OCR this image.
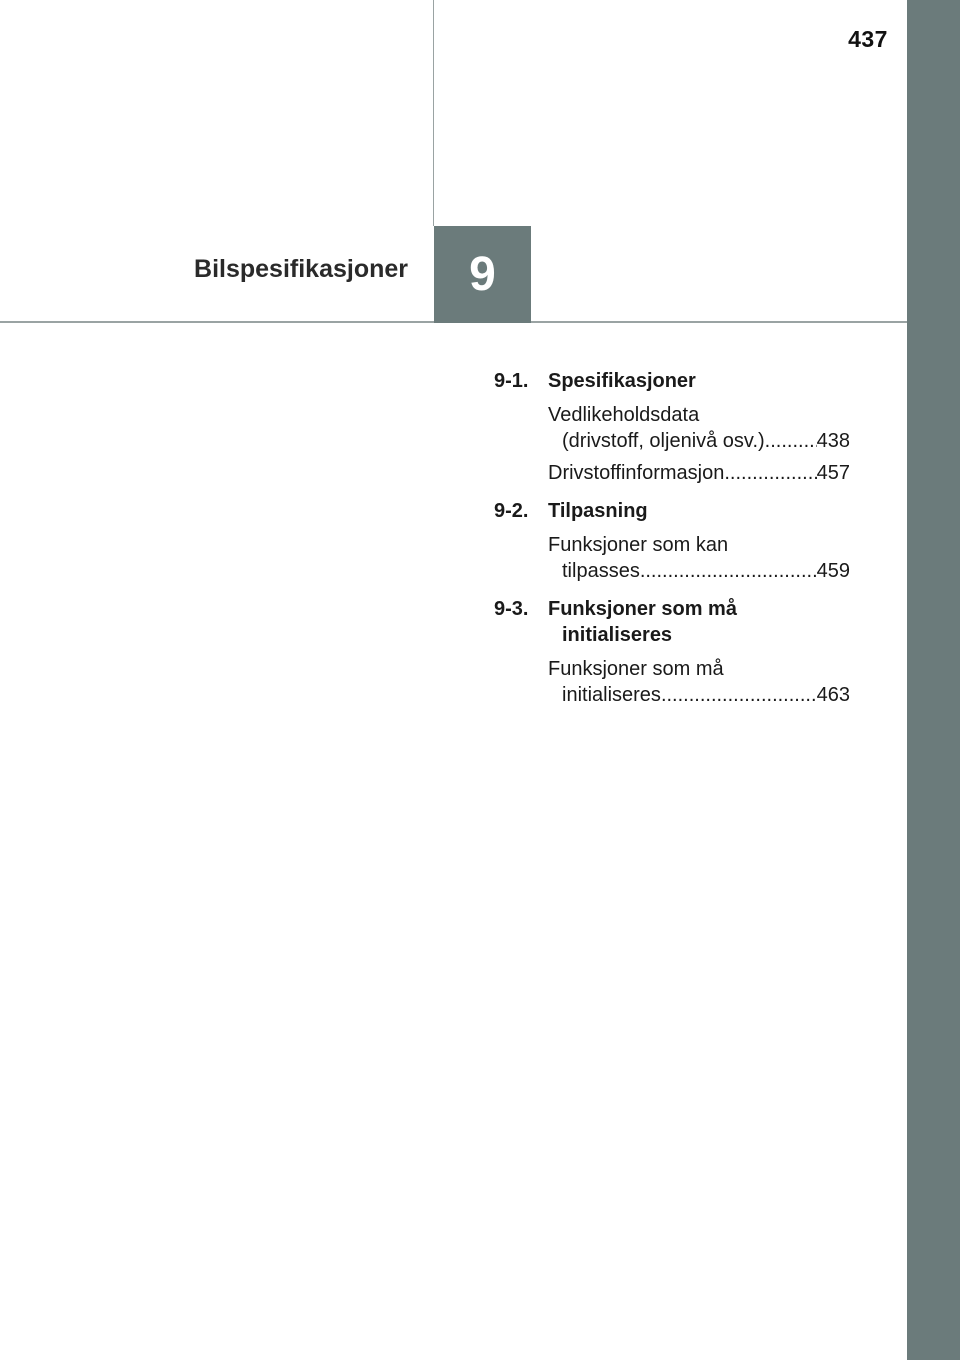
437
9
Bilspesifikasjoner
9-1. Spesifikasjoner
Vedlikeholdsdata
(drivstoff, oljenivå osv.) .....	438
Drivstoffinformasjon .....	457
9-2. Tilpasning
Funksjoner som kan
tilpasses .....	459
9-3. Funksjoner som må
initialiseres
Funksjoner som må
initialiseres .....	463
